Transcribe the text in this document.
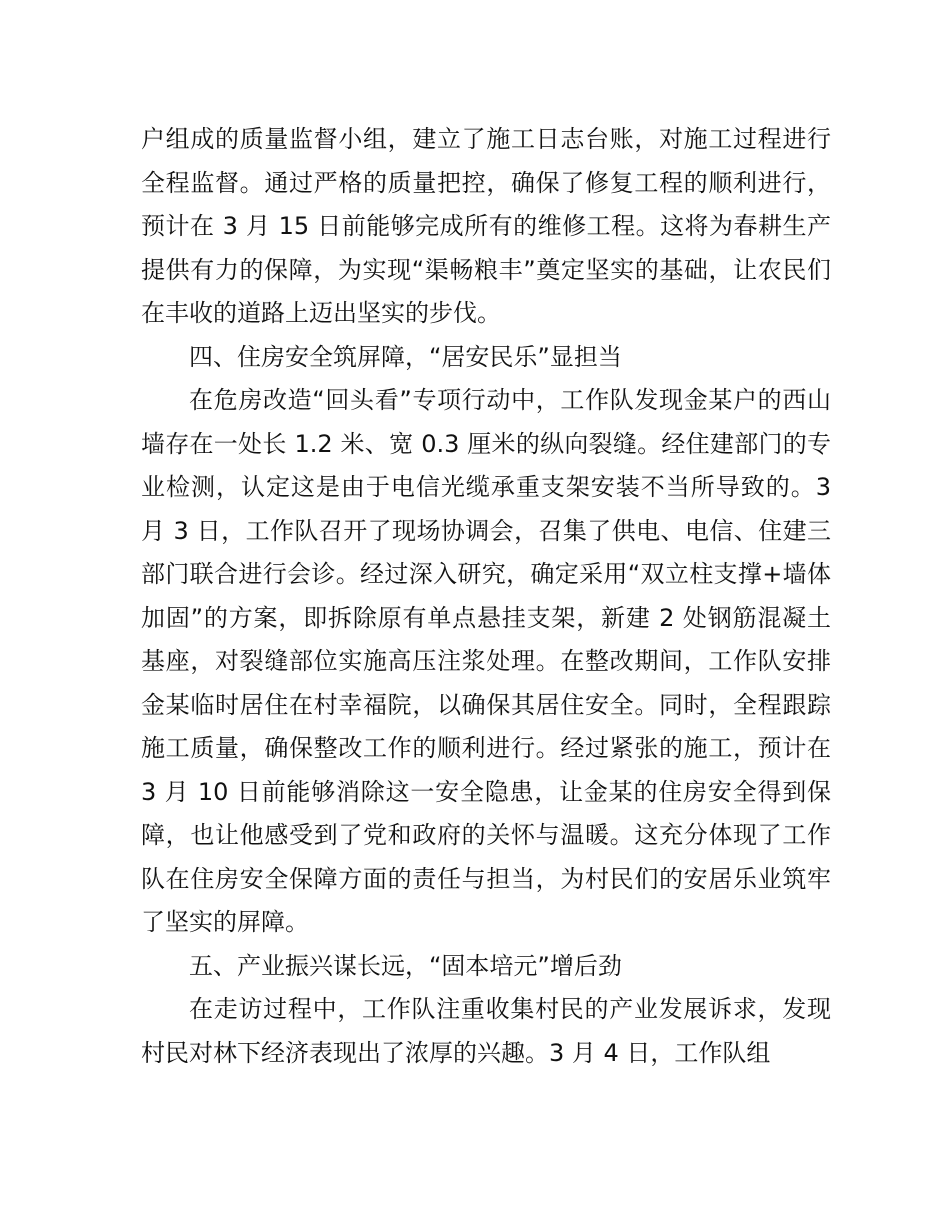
户组成的质量监督小组，建立了施工日志台账，对施工过程进行全程监督。通过严格的质量把控，确保了修复工程的顺利进行，预计在 3 月 15 日前能够完成所有的维修工程。这将为春耕生产提供有力的保障，为实现“渠畅粮丰”奠定坚实的基础，让农民们在丰收的道路上迈出坚实的步伐。

四、住房安全筑屏障，“居安民乐”显担当

在危房改造“回头看”专项行动中，工作队发现金某户的西山墙存在一处长 1.2 米、宽 0.3 厘米的纵向裂缝。经住建部门的专业检测，认定这是由于电信光缆承重支架安装不当所导致的。3 月 3 日，工作队召开了现场协调会，召集了供电、电信、住建三部门联合进行会诊。经过深入研究，确定采用“双立柱支撑+墙体加固”的方案，即拆除原有单点悬挂支架，新建 2 处钢筋混凝土基座，对裂缝部位实施高压注浆处理。在整改期间，工作队安排金某临时居住在村幸福院，以确保其居住安全。同时，全程跟踪施工质量，确保整改工作的顺利进行。经过紧张的施工，预计在 3 月 10 日前能够消除这一安全隐患，让金某的住房安全得到保障，也让他感受到了党和政府的关怀与温暖。这充分体现了工作队在住房安全保障方面的责任与担当，为村民们的安居乐业筑牢了坚实的屏障。

五、产业振兴谋长远，“固本培元”增后劲

在走访过程中，工作队注重收集村民的产业发展诉求，发现村民对林下经济表现出了浓厚的兴趣。3 月 4 日，工作队组
